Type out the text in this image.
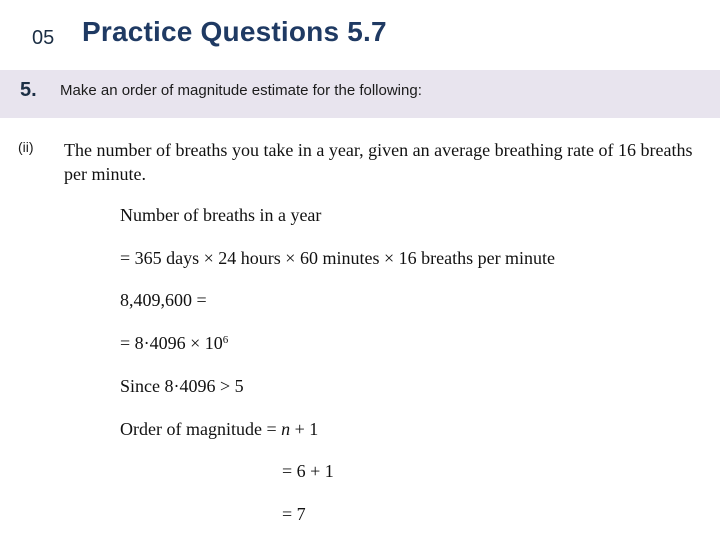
05 Practice Questions 5.7
5. Make an order of magnitude estimate for the following:
(ii) The number of breaths you take in a year, given an average breathing rate of 16 breaths per minute.
Number of breaths in a year
= 365 days × 24 hours × 60 minutes × 16 breaths per minute
8,409,600 =
= $8\cdot 4096 \times 10^6$
Since 8·4096 > 5
Order of magnitude = n + 1
= 6 + 1
= 7
